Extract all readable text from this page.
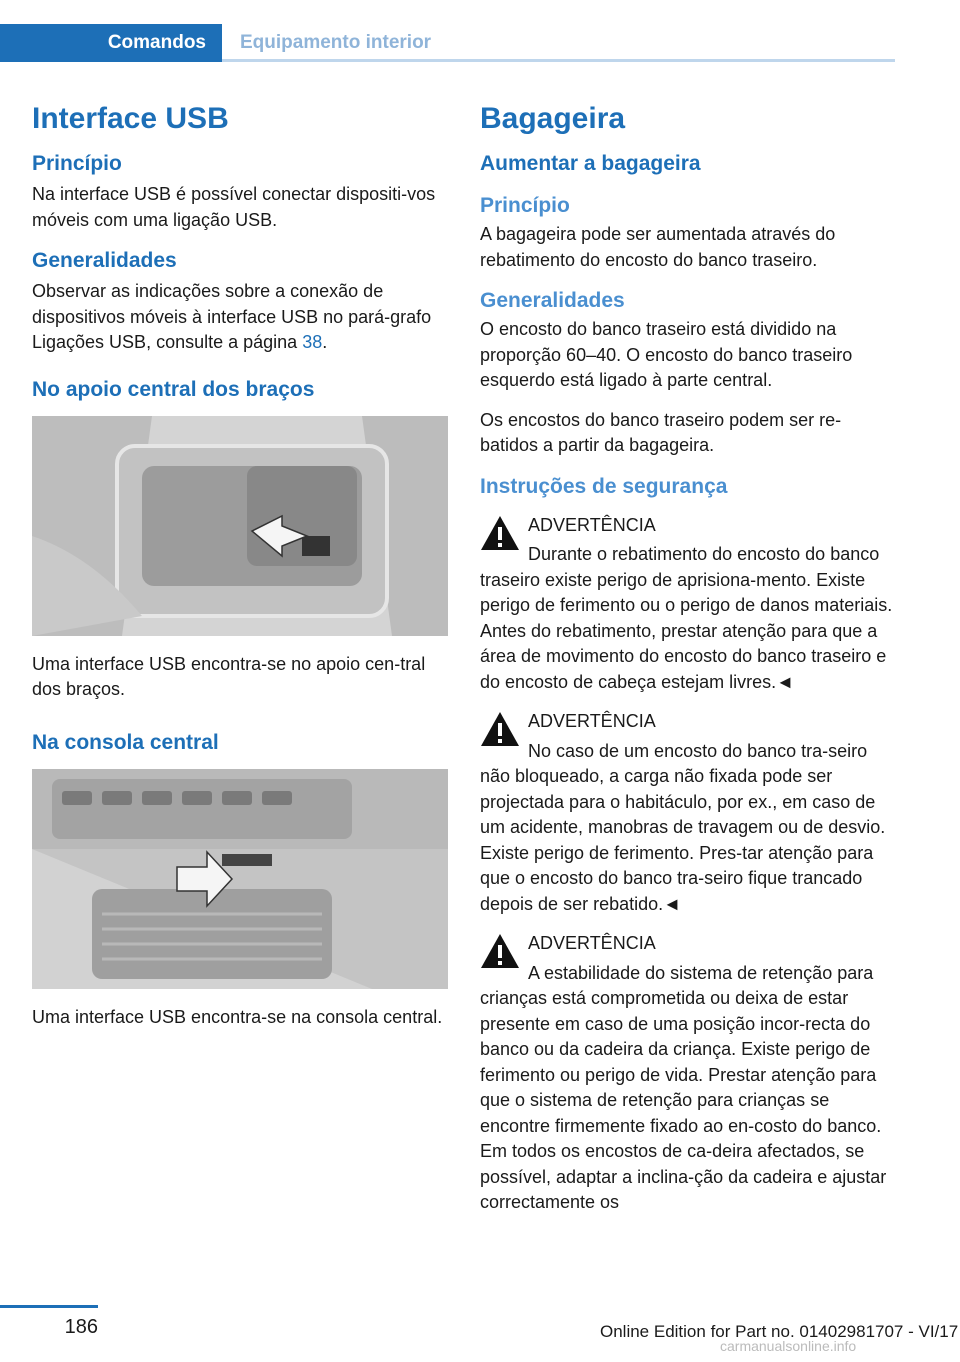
Comandos	Equipamento interior
Interface USB
Princípio

Na interface USB é possível conectar dispositi‐vos móveis com uma ligação USB.

Generalidades

Observar as indicações sobre a conexão de dispositivos móveis à interface USB no pará‐grafo Ligações USB, consulte a página 38.

No apoio central dos braços

Uma interface USB encontra-se no apoio cen‐tral dos braços.

Na consola central

Uma interface USB encontra-se na consola central.

Bagageira
Aumentar a bagageira
Princípio

A bagageira pode ser aumentada através do rebatimento do encosto do banco traseiro.

Generalidades

O encosto do banco traseiro está dividido na proporção 60–40. O encosto do banco traseiro esquerdo está ligado à parte central.

Os encostos do banco traseiro podem ser re‐batidos a partir da bagageira.

Instruções de segurança
ADVERTÊNCIA

Durante o rebatimento do encosto do banco traseiro existe perigo de aprisiona‐mento. Existe perigo de ferimento ou o perigo de danos materiais. Antes do rebatimento, prestar atenção para que a área de movimento do encosto do banco traseiro e do encosto de cabeça estejam livres.◄

ADVERTÊNCIA

No caso de um encosto do banco tra‐seiro não bloqueado, a carga não fixada pode ser projectada para o habitáculo, por ex., em caso de um acidente, manobras de travagem ou de desvio. Existe perigo de ferimento. Pres‐tar atenção para que o encosto do banco tra‐seiro fique trancado depois de ser rebatido.◄

ADVERTÊNCIA

A estabilidade do sistema de retenção para crianças está comprometida ou deixa de estar presente em caso de uma posição incor‐recta do banco ou da cadeira da criança. Existe perigo de ferimento ou perigo de vida. Prestar atenção para que o sistema de retenção para crianças se encontre firmemente fixado ao en‐costo do banco. Em todos os encostos de ca‐deira afectados, se possível, adaptar a inclina‐ção da cadeira e ajustar correctamente os

186	Online Edition for Part no. 01402981707 - VI/17
carmanualsonline.info
